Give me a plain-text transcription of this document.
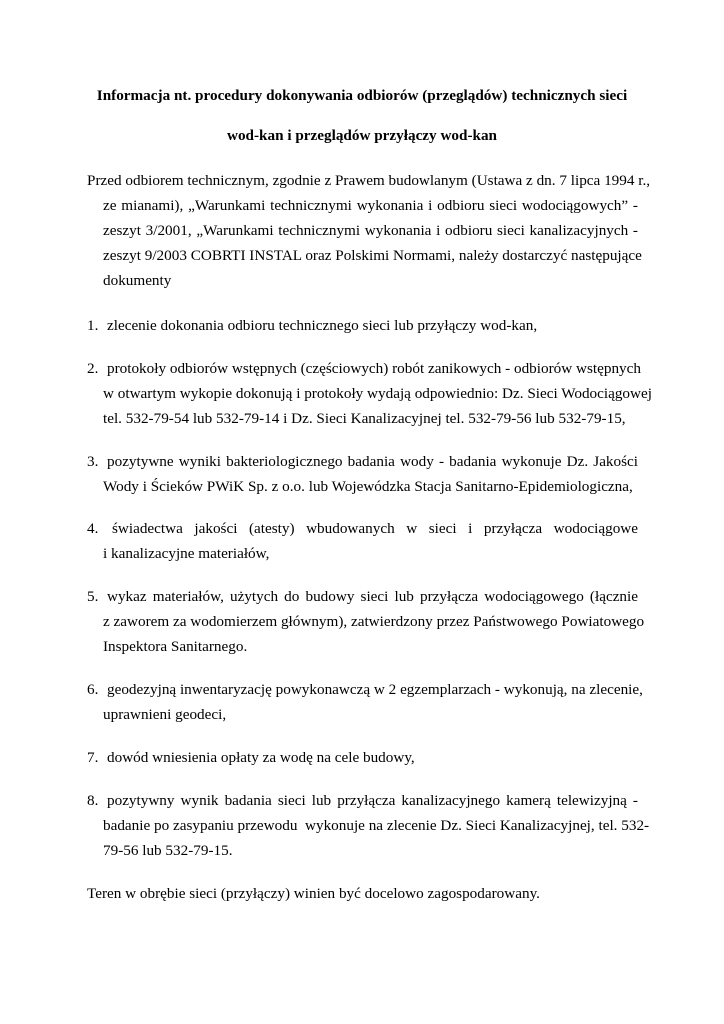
Informacja nt. procedury dokonywania odbiorów (przeglądów) technicznych sieci
wod-kan i przeglądów przyłączy wod-kan
Przed odbiorem technicznym, zgodnie z Prawem budowlanym (Ustawa z dn. 7 lipca 1994 r.,
ze mianami), „Warunkami technicznymi wykonania i odbioru sieci wodociągowych” -
zeszyt 3/2001, „Warunkami technicznymi wykonania i odbioru sieci kanalizacyjnych -
zeszyt 9/2003 COBRTI INSTAL oraz Polskimi Normami, należy dostarczyć następujące
dokumenty
1. zlecenie dokonania odbioru technicznego sieci lub przyłączy wod-kan,
2. protokoły odbiorów wstępnych (częściowych) robót zanikowych - odbiorów wstępnych
w otwartym wykopie dokonują i protokoły wydają odpowiednio: Dz. Sieci Wodociągowej
tel. 532-79-54 lub 532-79-14 i Dz. Sieci Kanalizacyjnej tel. 532-79-56 lub 532-79-15,
3. pozytywne wyniki bakteriologicznego badania wody - badania wykonuje Dz. Jakości
Wody i Ścieków PWiK Sp. z o.o. lub Wojewódzka Stacja Sanitarno-Epidemiologiczna,
4. świadectwa jakości (atesty) wbudowanych w sieci i przyłącza wodociągowe
i kanalizacyjne materiałów,
5. wykaz materiałów, użytych do budowy sieci lub przyłącza wodociągowego (łącznie
z zaworem za wodomierzem głównym), zatwierdzony przez Państwowego Powiatowego
Inspektora Sanitarnego.
6. geodezyjną inwentaryzację powykonawczą w 2 egzemplarzach - wykonują, na zlecenie,
uprawnieni geodeci,
7. dowód wniesienia opłaty za wodę na cele budowy,
8. pozytywny wynik badania sieci lub przyłącza kanalizacyjnego kamerą telewizyjną -
badanie po zasypaniu przewodu  wykonuje na zlecenie Dz. Sieci Kanalizacyjnej, tel. 532-
79-56 lub 532-79-15.
Teren w obrębie sieci (przyłączy) winien być docelowo zagospodarowany.
